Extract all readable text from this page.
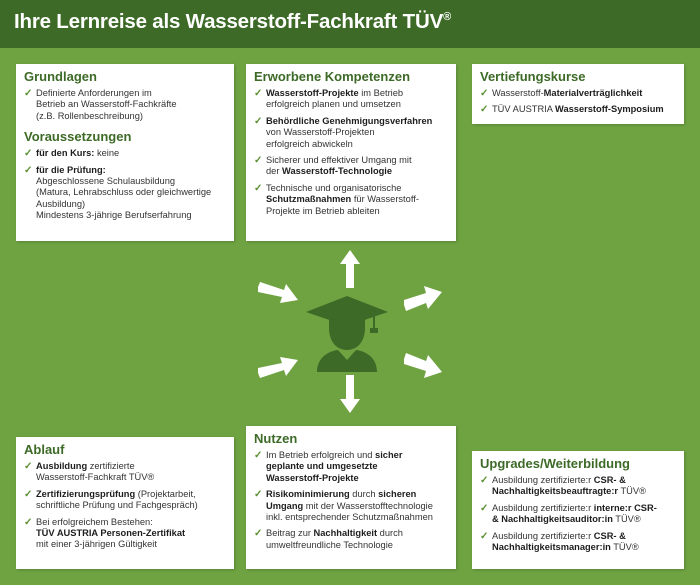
Ihre Lernreise als Wasserstoff-Fachkraft TÜV®
Grundlagen
✓ Definierte Anforderungen im
Betrieb an Wasserstoff-Fachkräfte
(z.B. Rollenbeschreibung)
Voraussetzungen
✓ für den Kurs: keine
✓ für die Prüfung:
Abgeschlossene Schulausbildung
(Matura, Lehrabschluss oder gleichwertige
Ausbildung)
Mindestens 3-jährige Berufserfahrung
Erworbene Kompetenzen
✓ Wasserstoff-Projekte im Betrieb
erfolgreich planen und umsetzen
✓ Behördliche Genehmigungsverfahren
von Wasserstoff-Projekten
erfolgreich abwickeln
✓ Sicherer und effektiver Umgang mit
der Wasserstoff-Technologie
✓ Technische und organisatorische
Schutzmaßnahmen für Wasserstoff-
Projekte im Betrieb ableiten
Vertiefungskurse
✓ Wasserstoff-Materialverträglichkeit
✓ TÜV AUSTRIA Wasserstoff-Symposium
Ablauf
✓ Ausbildung zertifizierte
Wasserstoff-Fachkraft TÜV®
✓ Zertifizierungsprüfung (Projektarbeit,
schriftliche Prüfung und Fachgespräch)
✓ Bei erfolgreichem Bestehen:
TÜV AUSTRIA Personen-Zertifikat
mit einer 3-jährigen Gültigkeit
Nutzen
✓ Im Betrieb erfolgreich und sicher
geplante und umgesetzte
Wasserstoff-Projekte
✓ Risikominimierung durch sicheren
Umgang mit der Wasserstofftechnologie
inkl. entsprechender Schutzmaßnahmen
✓ Beitrag zur Nachhaltigkeit durch
umweltfreundliche Technologie
Upgrades/Weiterbildung
✓ Ausbildung zertifizierte:r CSR- &
Nachhaltigkeitsbeauftragte:r TÜV®
✓ Ausbildung zertifizierte:r interne:r CSR-
& Nachhaltigkeitsauditor:in TÜV®
✓ Ausbildung zertifizierte:r CSR- &
Nachhaltigkeitsmanager:in TÜV®
